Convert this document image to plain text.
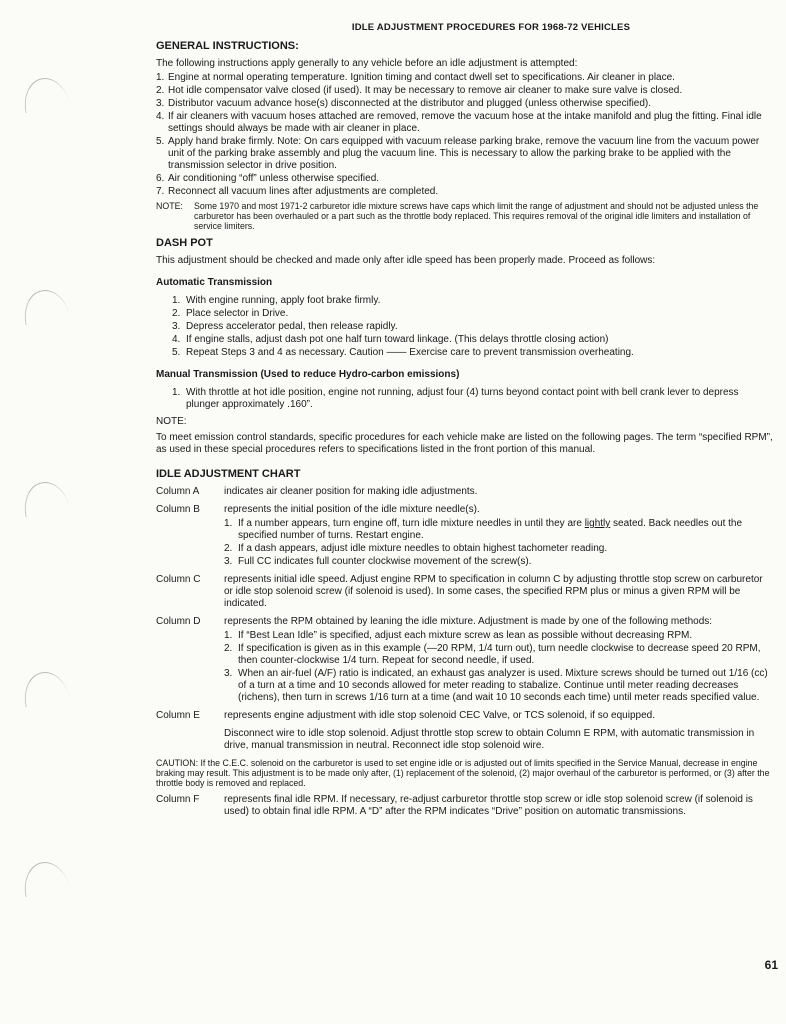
IDLE ADJUSTMENT PROCEDURES FOR 1968-72 VEHICLES
GENERAL INSTRUCTIONS:

The following instructions apply generally to any vehicle before an idle adjustment is attempted:

1. Engine at normal operating temperature. Ignition timing and contact dwell set to specifications. Air cleaner in place.
2. Hot idle compensator valve closed (if used). It may be necessary to remove air cleaner to make sure valve is closed.
3. Distributor vacuum advance hose(s) disconnected at the distributor and plugged (unless otherwise specified).
4. If air cleaners with vacuum hoses attached are removed, remove the vacuum hose at the intake manifold and plug the fitting. Final idle settings should always be made with air cleaner in place.
5. Apply hand brake firmly. Note: On cars equipped with vacuum release parking brake, remove the vacuum line from the vacuum power unit of the parking brake assembly and plug the vacuum line. This is necessary to allow the parking brake to be applied with the transmission selector in drive position.
6. Air conditioning “off” unless otherwise specified.
7. Reconnect all vacuum lines after adjustments are completed.
NOTE: Some 1970 and most 1971-2 carburetor idle mixture screws have caps which limit the range of adjustment and should not be adjusted unless the carburetor has been overhauled or a part such as the throttle body replaced. This requires removal of the original idle limiters and installation of service limiters.
DASH POT

This adjustment should be checked and made only after idle speed has been properly made. Proceed as follows:

Automatic Transmission
1. With engine running, apply foot brake firmly.
2. Place selector in Drive.
3. Depress accelerator pedal, then release rapidly.
4. If engine stalls, adjust dash pot one half turn toward linkage. (This delays throttle closing action)
5. Repeat Steps 3 and 4 as necessary. Caution —— Exercise care to prevent transmission overheating.
Manual Transmission (Used to reduce Hydro-carbon emissions)
1. With throttle at hot idle position, engine not running, adjust four (4) turns beyond contact point with bell crank lever to depress plunger approximately .160”.

NOTE:

To meet emission control standards, specific procedures for each vehicle make are listed on the following pages. The term “specified RPM”, as used in these special procedures refers to specifications listed in the front portion of this manual.

IDLE ADJUSTMENT CHART
Column A indicates air cleaner position for making idle adjustments.
Column B represents the initial position of the idle mixture needle(s).
1. If a number appears, turn engine off, turn idle mixture needles in until they are lightly seated. Back needles out the specified number of turns. Restart engine.
2. If a dash appears, adjust idle mixture needles to obtain highest tachometer reading.
3. Full CC indicates full counter clockwise movement of the screw(s).
Column C represents initial idle speed. Adjust engine RPM to specification in column C by adjusting throttle stop screw on carburetor or idle stop solenoid screw (if solenoid is used). In some cases, the specified RPM plus or minus a given RPM will be indicated.
Column D represents the RPM obtained by leaning the idle mixture. Adjustment is made by one of the following methods:
1. If “Best Lean Idle” is specified, adjust each mixture screw as lean as possible without decreasing RPM.
2. If specification is given as in this example (—20 RPM, 1/4 turn out), turn needle clockwise to decrease speed 20 RPM, then counter-clockwise 1/4 turn. Repeat for second needle, if used.
3. When an air-fuel (A/F) ratio is indicated, an exhaust gas analyzer is used. Mixture screws should be turned out 1/16 (cc) of a turn at a time and 10 seconds allowed for meter reading to stabalize. Continue until meter reading decreases (richens), then turn in screws 1/16 turn at a time (and wait 10 10 seconds each time) until meter reads specified value.
Column E represents engine adjustment with idle stop solenoid CEC Valve, or TCS solenoid, if so equipped.

Disconnect wire to idle stop solenoid. Adjust throttle stop screw to obtain Column E RPM, with automatic transmission in drive, manual transmission in neutral. Reconnect idle stop solenoid wire.

CAUTION: If the C.E.C. solenoid on the carburetor is used to set engine idle or is adjusted out of limits specified in the Service Manual, decrease in engine braking may result. This adjustment is to be made only after, (1) replacement of the solenoid, (2) major overhaul of the carburetor is performed, or (3) after the throttle body is removed and replaced.

Column F represents final idle RPM. If necessary, re-adjust carburetor throttle stop screw or idle stop solenoid screw (if solenoid is used) to obtain final idle RPM. A “D” after the RPM indicates “Drive” position on automatic transmissions.
61
